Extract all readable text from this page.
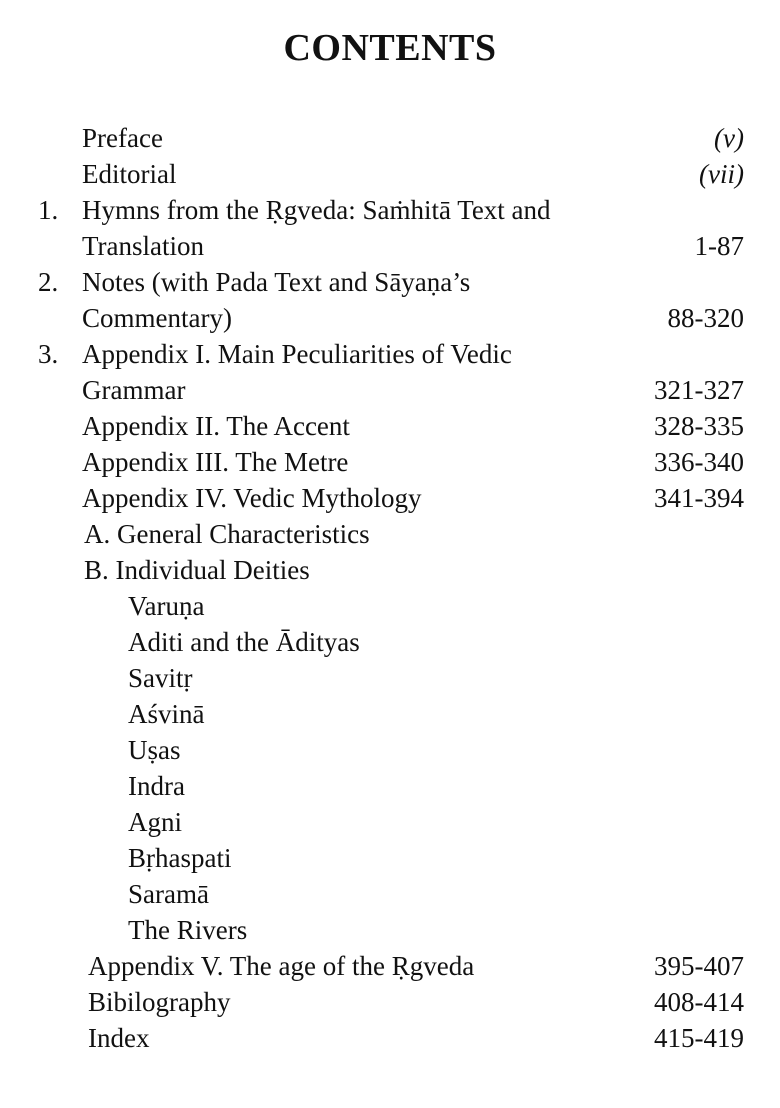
CONTENTS
Preface	(v)
Editorial	(vii)
1. Hymns from the Ṛgveda: Saṁhitā Text and
Translation	1-87
2. Notes (with Pada Text and Sāyaṇa’s
Commentary)	88-320
3. Appendix I. Main Peculiarities of Vedic
Grammar	321-327
Appendix II. The Accent	328-335
Appendix III. The Metre	336-340
Appendix IV. Vedic Mythology	341-394
A. General Characteristics
B. Individual Deities
Varuṇa
Aditi and the Ādityas
Savitṛ
Aśvinā
Uṣas
Indra
Agni
Bṛhaspati
Saramā
The Rivers
Appendix V. The age of the Ṛgveda	395-407
Bibilography	408-414
Index	415-419
